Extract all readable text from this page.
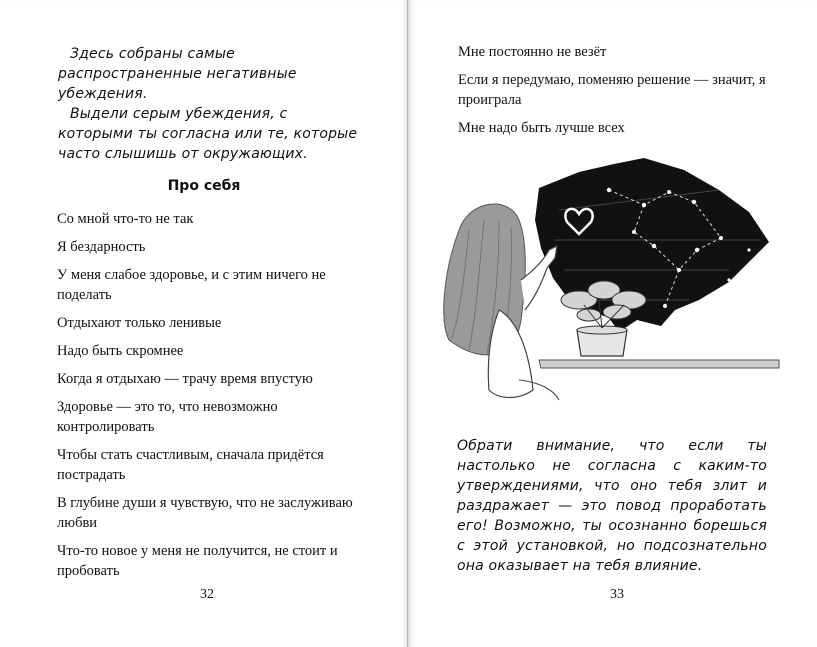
Здесь собраны самые распространенные негативные убеждения.

Выдели серым убеждения, с которыми ты согласна или те, которые часто слышишь от окружающих.

Про себя

Со мной что-то не так

Я бездарность

У меня слабое здоровье, и с этим ничего не поделать

Отдыхают только ленивые

Надо быть скромнее

Когда я отдыхаю — трачу время впустую

Здоровье — это то, что невозможно контролировать

Чтобы стать счастливым, сначала придётся пострадать

В глубине души я чувствую, что не заслуживаю любви

Что-то новое у меня не получится, не стоит и пробовать

32

Мне постоянно не везёт

Если я передумаю, поменяю решение — значит, я проиграла

Мне надо быть лучше всех

Обрати внимание, что если ты настолько не согласна с каким-то утверждениями, что оно тебя злит и раздражает — это повод проработать его! Возможно, ты осознанно борешься с этой установкой, но подсознательно она оказывает на тебя влияние.

33
